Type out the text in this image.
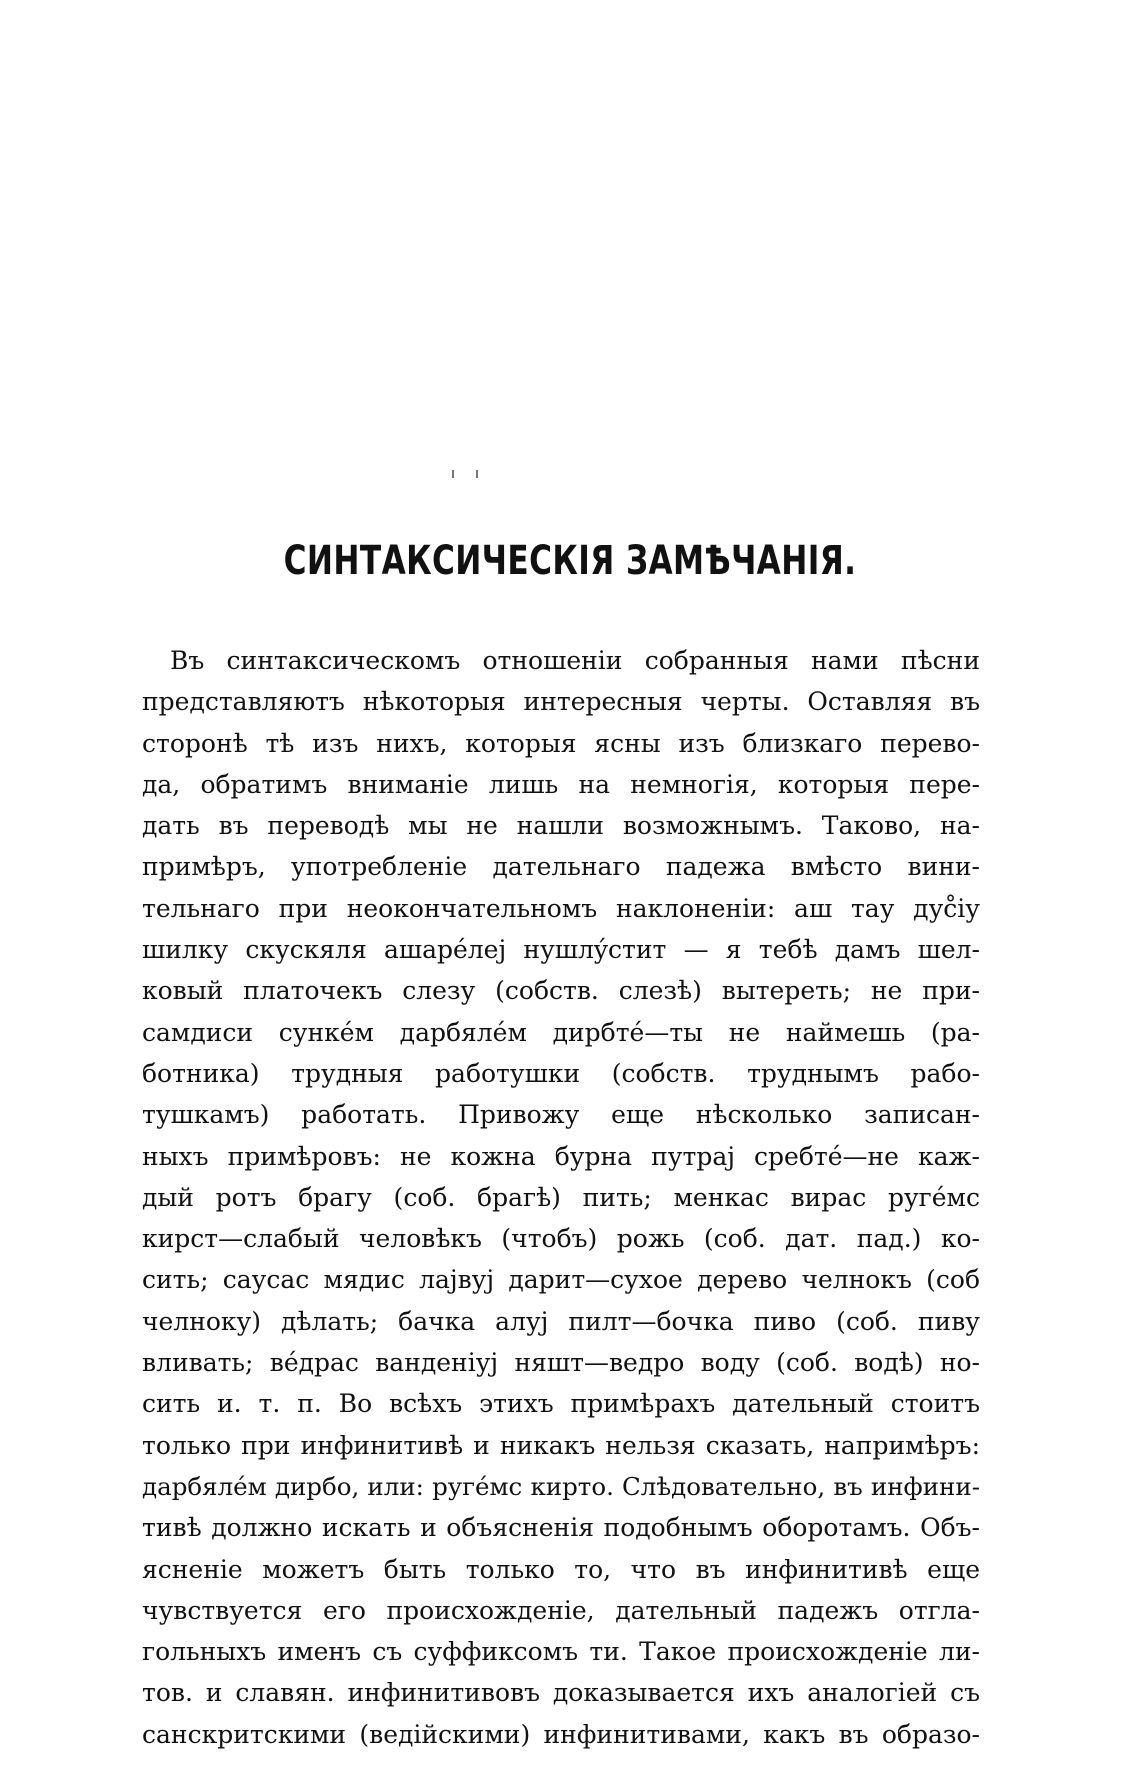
СИНТАКСИЧЕСКІЯ ЗАМѢЧАНІЯ.
Въ синтаксическомъ отношеніи собранныя нами пѣсни
представляютъ нѣкоторыя интересныя черты. Оставляя въ
сторонѣ тѣ изъ нихъ, которыя ясны изъ близкаго перево-
да, обратимъ вниманіе лишь на немногія, которыя пере-
дать въ переводѣ мы не нашли возможнымъ. Таково, на-
примѣръ, употребленіе дательнаго падежа вмѣсто вини-
тельнаго при неокончательномъ наклоненіи: аш тау дус̊іу
шилку скускяля ашарéлеј нушлýстит — я тебѣ дамъ шел-
ковый платочекъ слезу (собств. слезѣ) вытереть; не при-
самдиси сункéм дарбялéм дирбтé—ты не наймешь (ра-
ботника) трудныя работушки (собств. труднымъ рабо-
тушкамъ) работать. Привожу еще нѣсколько записан-
ныхъ примѣровъ: не кожна бурна путрај сребтé—не каж-
дый ротъ брагу (соб. брагѣ) пить; менкас вирас ругéмс
кирст—слабый человѣкъ (чтобъ) рожь (соб. дат. пад.) ко-
сить; саусас мядис лајвуј дарит—сухое дерево челнокъ (соб
челноку) дѣлать; бачка алуј пилт—бочка пиво (соб. пиву
вливать; вéдрас ванденіуј няшт—ведро воду (соб. водѣ) но-
сить и. т. п. Во всѣхъ этихъ примѣрахъ дательный стоитъ
только при инфинитивѣ и никакъ нельзя сказать, напримѣръ:
дарбялéм дирбо, или: ругéмс кирто. Слѣдовательно, въ инфини-
тивѣ должно искать и объясненія подобнымъ оборотамъ. Объ-
ясненіе можетъ быть только то, что въ инфинитивѣ еще
чувствуется его происхожденіе, дательный падежъ отгла-
гольныхъ именъ съ суффиксомъ ти. Такое происхожденіе ли-
тов. и славян. инфинитивовъ доказывается ихъ аналогіей съ
санскритскими (ведійскими) инфинитивами, какъ въ образо-
